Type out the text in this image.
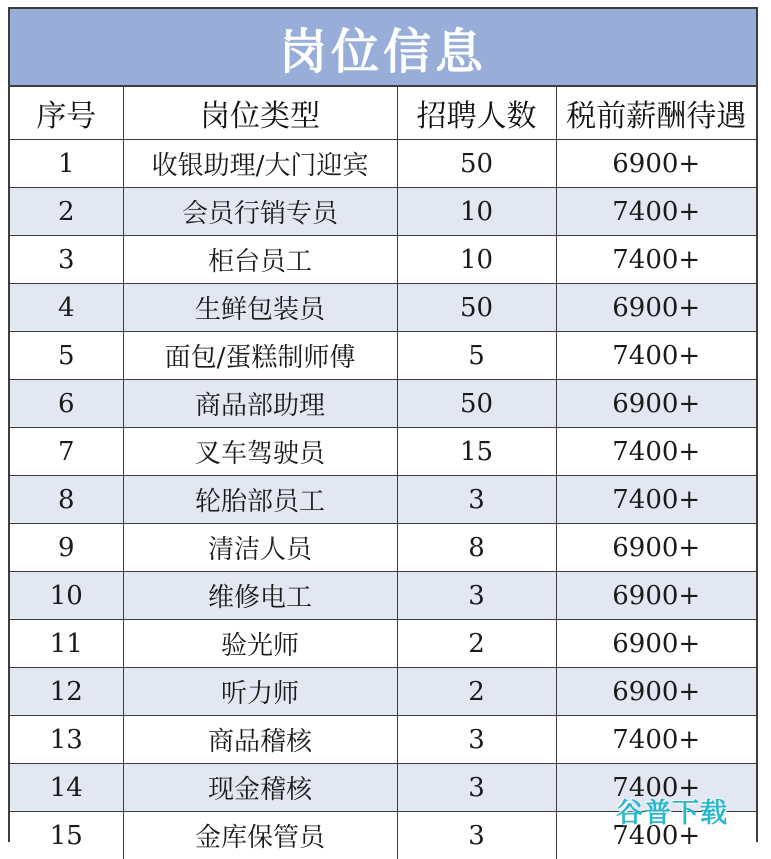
岗位信息
序号	岗位类型	招聘人数	税前薪酬待遇
1	收银助理/大门迎宾	50	6900+
2	会员行销专员	10	7400+
3	柜台员工	10	7400+
4	生鲜包装员	50	6900+
5	面包/蛋糕制师傅	5	7400+
6	商品部助理	50	6900+
7	叉车驾驶员	15	7400+
8	轮胎部员工	3	7400+
9	清洁人员	8	6900+
10	维修电工	3	6900+
11	验光师	2	6900+
12	听力师	2	6900+
13	商品稽核	3	7400+
14	现金稽核	3	7400+
15	金库保管员	3	7400+
谷普下载
